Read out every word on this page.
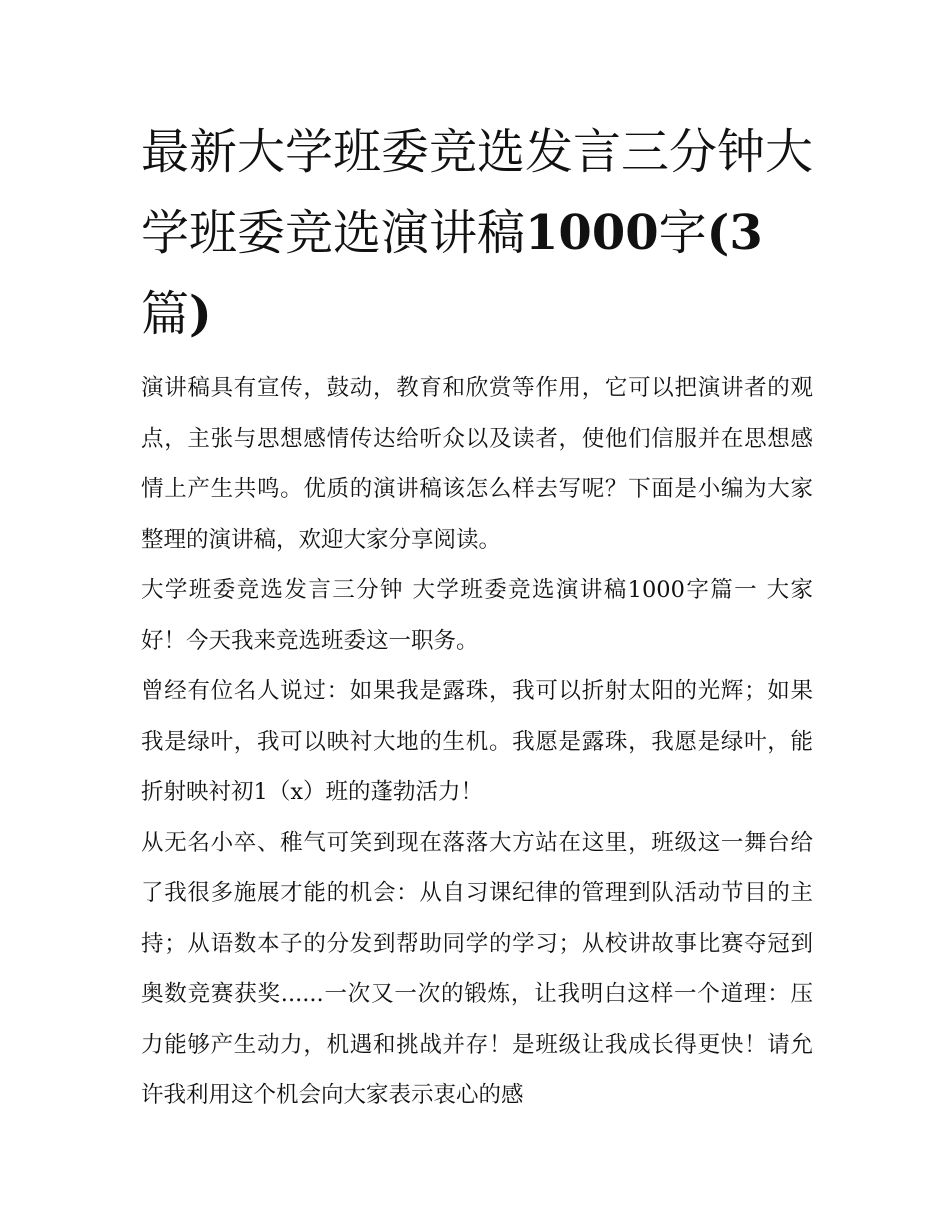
最新大学班委竞选发言三分钟大学班委竞选演讲稿1000字(3篇)

演讲稿具有宣传，鼓动，教育和欣赏等作用，它可以把演讲者的观点，主张与思想感情传达给听众以及读者，使他们信服并在思想感情上产生共鸣。优质的演讲稿该怎么样去写呢？下面是小编为大家整理的演讲稿，欢迎大家分享阅读。

大学班委竞选发言三分钟 大学班委竞选演讲稿1000字篇一 大家好！今天我来竞选班委这一职务。

曾经有位名人说过：如果我是露珠，我可以折射太阳的光辉；如果我是绿叶，我可以映衬大地的生机。我愿是露珠，我愿是绿叶，能折射映衬初1（x）班的蓬勃活力！

从无名小卒、稚气可笑到现在落落大方站在这里，班级这一舞台给了我很多施展才能的机会：从自习课纪律的管理到队活动节目的主持；从语数本子的分发到帮助同学的学习；从校讲故事比赛夺冠到奥数竞赛获奖......一次又一次的锻炼，让我明白这样一个道理：压力能够产生动力，机遇和挑战并存！是班级让我成长得更快！请允许我利用这个机会向大家表示衷心的感
